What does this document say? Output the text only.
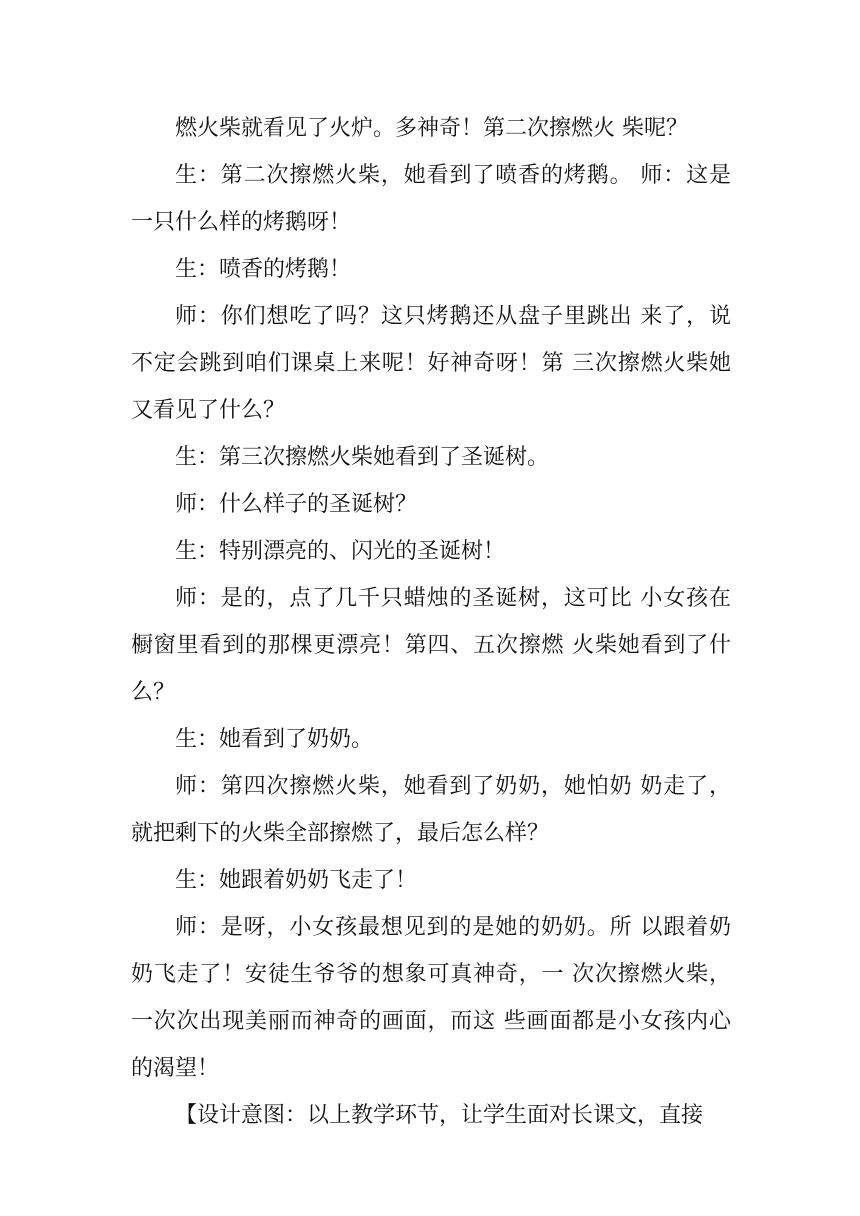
燃火柴就看见了火炉。多神奇！第二次擦燃火 柴呢？

生：第二次擦燃火柴，她看到了喷香的烤鹅。 师：这是一只什么样的烤鹅呀！

生：喷香的烤鹅！

师：你们想吃了吗？这只烤鹅还从盘子里跳出 来了，说不定会跳到咱们课桌上来呢！好神奇呀！第 三次擦燃火柴她又看见了什么？

生：第三次擦燃火柴她看到了圣诞树。

师：什么样子的圣诞树？

生：特别漂亮的、闪光的圣诞树！

师：是的，点了几千只蜡烛的圣诞树，这可比 小女孩在橱窗里看到的那棵更漂亮！第四、五次擦燃 火柴她看到了什么？

生：她看到了奶奶。

师：第四次擦燃火柴，她看到了奶奶，她怕奶 奶走了，就把剩下的火柴全部擦燃了，最后怎么样？

生：她跟着奶奶飞走了！

师：是呀，小女孩最想见到的是她的奶奶。所 以跟着奶奶飞走了！安徒生爷爷的想象可真神奇，一 次次擦燃火柴，一次次出现美丽而神奇的画面，而这 些画面都是小女孩内心的渴望！

【设计意图：以上教学环节，让学生面对长课文，直接
